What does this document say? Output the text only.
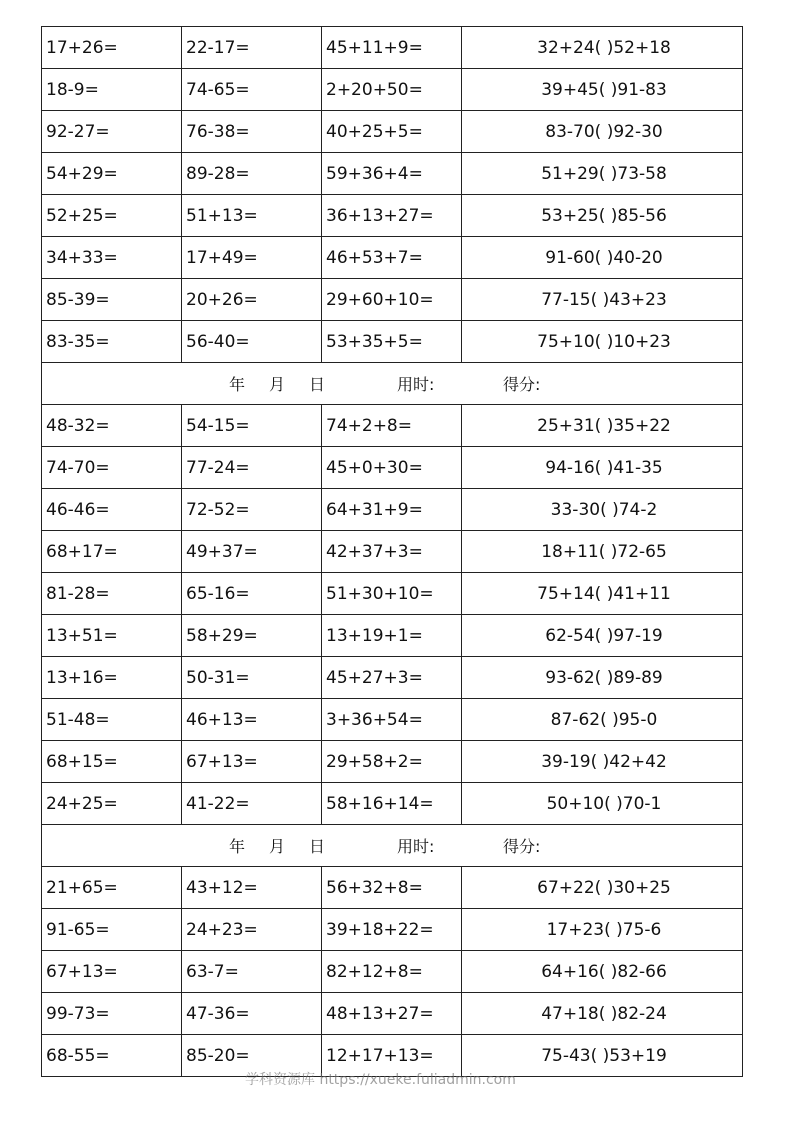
17+26=	22-17=	45+11+9=	32+24( )52+18
18-9=	74-65=	2+20+50=	39+45( )91-83
92-27=	76-38=	40+25+5=	83-70( )92-30
54+29=	89-28=	59+36+4=	51+29( )73-58
52+25=	51+13=	36+13+27=	53+25( )85-56
34+33=	17+49=	46+53+7=	91-60( )40-20
85-39=	20+26=	29+60+10=	77-15( )43+23
83-35=	56-40=	53+35+5=	75+10( )10+23

年 月 日 用时: 得分:			

48-32=	54-15=	74+2+8=	25+31( )35+22
74-70=	77-24=	45+0+30=	94-16( )41-35
46-46=	72-52=	64+31+9=	33-30( )74-2
68+17=	49+37=	42+37+3=	18+11( )72-65
81-28=	65-16=	51+30+10=	75+14( )41+11
13+51=	58+29=	13+19+1=	62-54( )97-19
13+16=	50-31=	45+27+3=	93-62( )89-89
51-48=	46+13=	3+36+54=	87-62( )95-0
68+15=	67+13=	29+58+2=	39-19( )42+42
24+25=	41-22=	58+16+14=	50+10( )70-1

年 月 日 用时: 得分:			

21+65=	43+12=	56+32+8=	67+22( )30+25
91-65=	24+23=	39+18+22=	17+23( )75-6
67+13=	63-7=	82+12+8=	64+16( )82-66
99-73=	47-36=	48+13+27=	47+18( )82-24
68-55=	85-20=	12+17+13=	75-43( )53+19
学科资源库 https://xueke.fuliadmin.com
